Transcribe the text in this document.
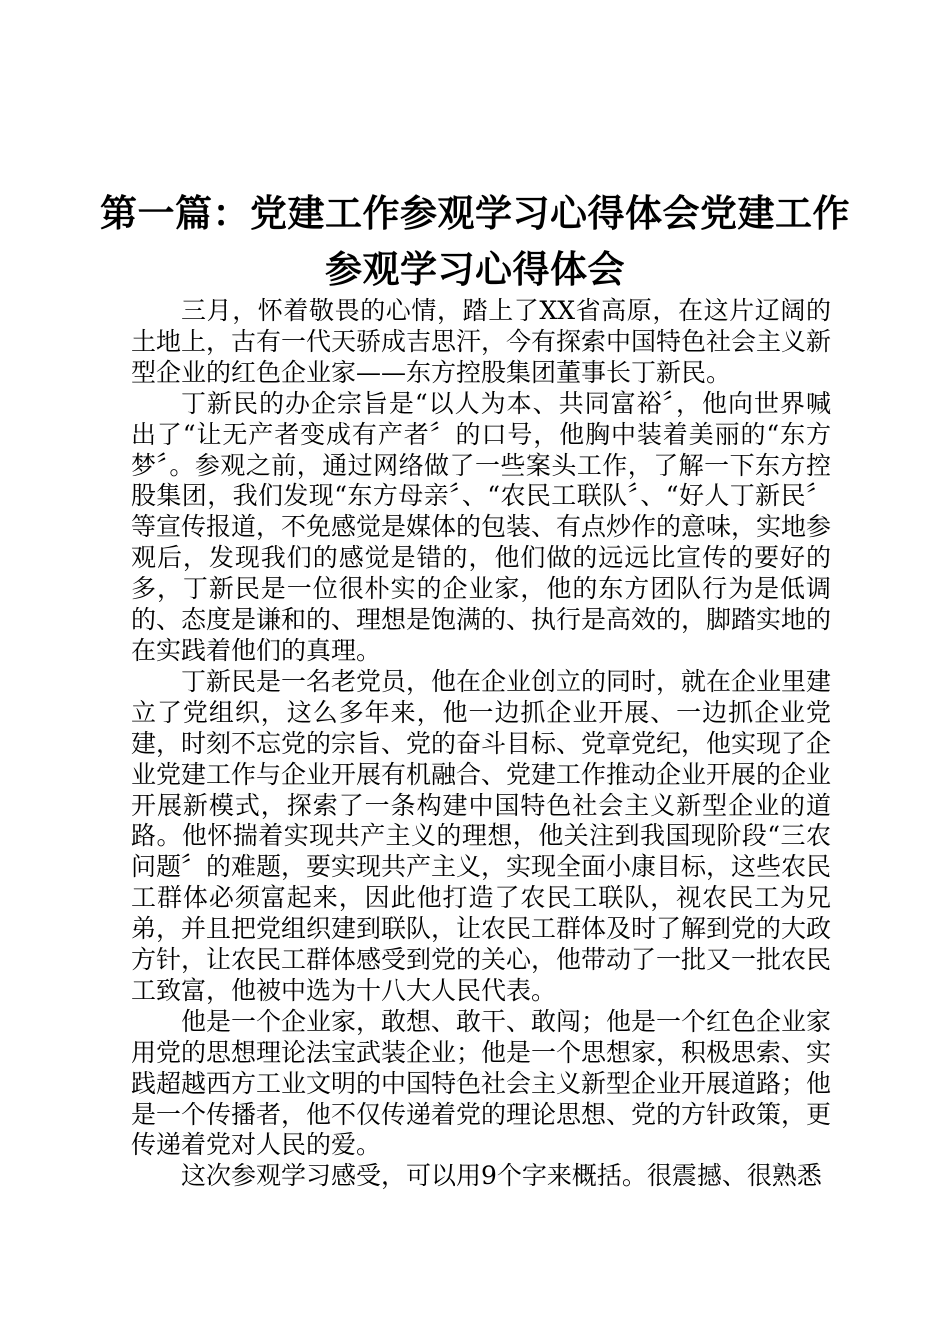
第一篇：党建工作参观学习心得体会党建工作
参观学习心得体会

三月，怀着敬畏的心情，踏上了XX省高原，在这片辽阔的土地上，古有一代天骄成吉思汗，今有探索中国特色社会主义新型企业的红色企业家——东方控股集团董事长丁新民。

丁新民的办企宗旨是“以人为本、共同富裕〞，他向世界喊出了“让无产者变成有产者〞的口号，他胸中装着美丽的“东方梦〞。参观之前，通过网络做了一些案头工作，了解一下东方控股集团，我们发现“东方母亲〞、“农民工联队〞、“好人丁新民〞等宣传报道，不免感觉是媒体的包装、有点炒作的意味，实地参观后，发现我们的感觉是错的，他们做的远远比宣传的要好的多，丁新民是一位很朴实的企业家，他的东方团队行为是低调的、态度是谦和的、理想是饱满的、执行是高效的，脚踏实地的在实践着他们的真理。

丁新民是一名老党员，他在企业创立的同时，就在企业里建立了党组织，这么多年来，他一边抓企业开展、一边抓企业党建，时刻不忘党的宗旨、党的奋斗目标、党章党纪，他实现了企业党建工作与企业开展有机融合、党建工作推动企业开展的企业开展新模式，探索了一条构建中国特色社会主义新型企业的道路。他怀揣着实现共产主义的理想，他关注到我国现阶段“三农问题〞的难题，要实现共产主义，实现全面小康目标，这些农民工群体必须富起来，因此他打造了农民工联队，视农民工为兄弟，并且把党组织建到联队，让农民工群体及时了解到党的大政方针，让农民工群体感受到党的关心，他带动了一批又一批农民工致富，他被中选为十八大人民代表。

他是一个企业家，敢想、敢干、敢闯；他是一个红色企业家用党的思想理论法宝武装企业；他是一个思想家，积极思索、实践超越西方工业文明的中国特色社会主义新型企业开展道路；他是一个传播者，他不仅传递着党的理论思想、党的方针政策，更传递着党对人民的爱。

这次参观学习感受，可以用9个字来概括。很震撼、很熟悉
